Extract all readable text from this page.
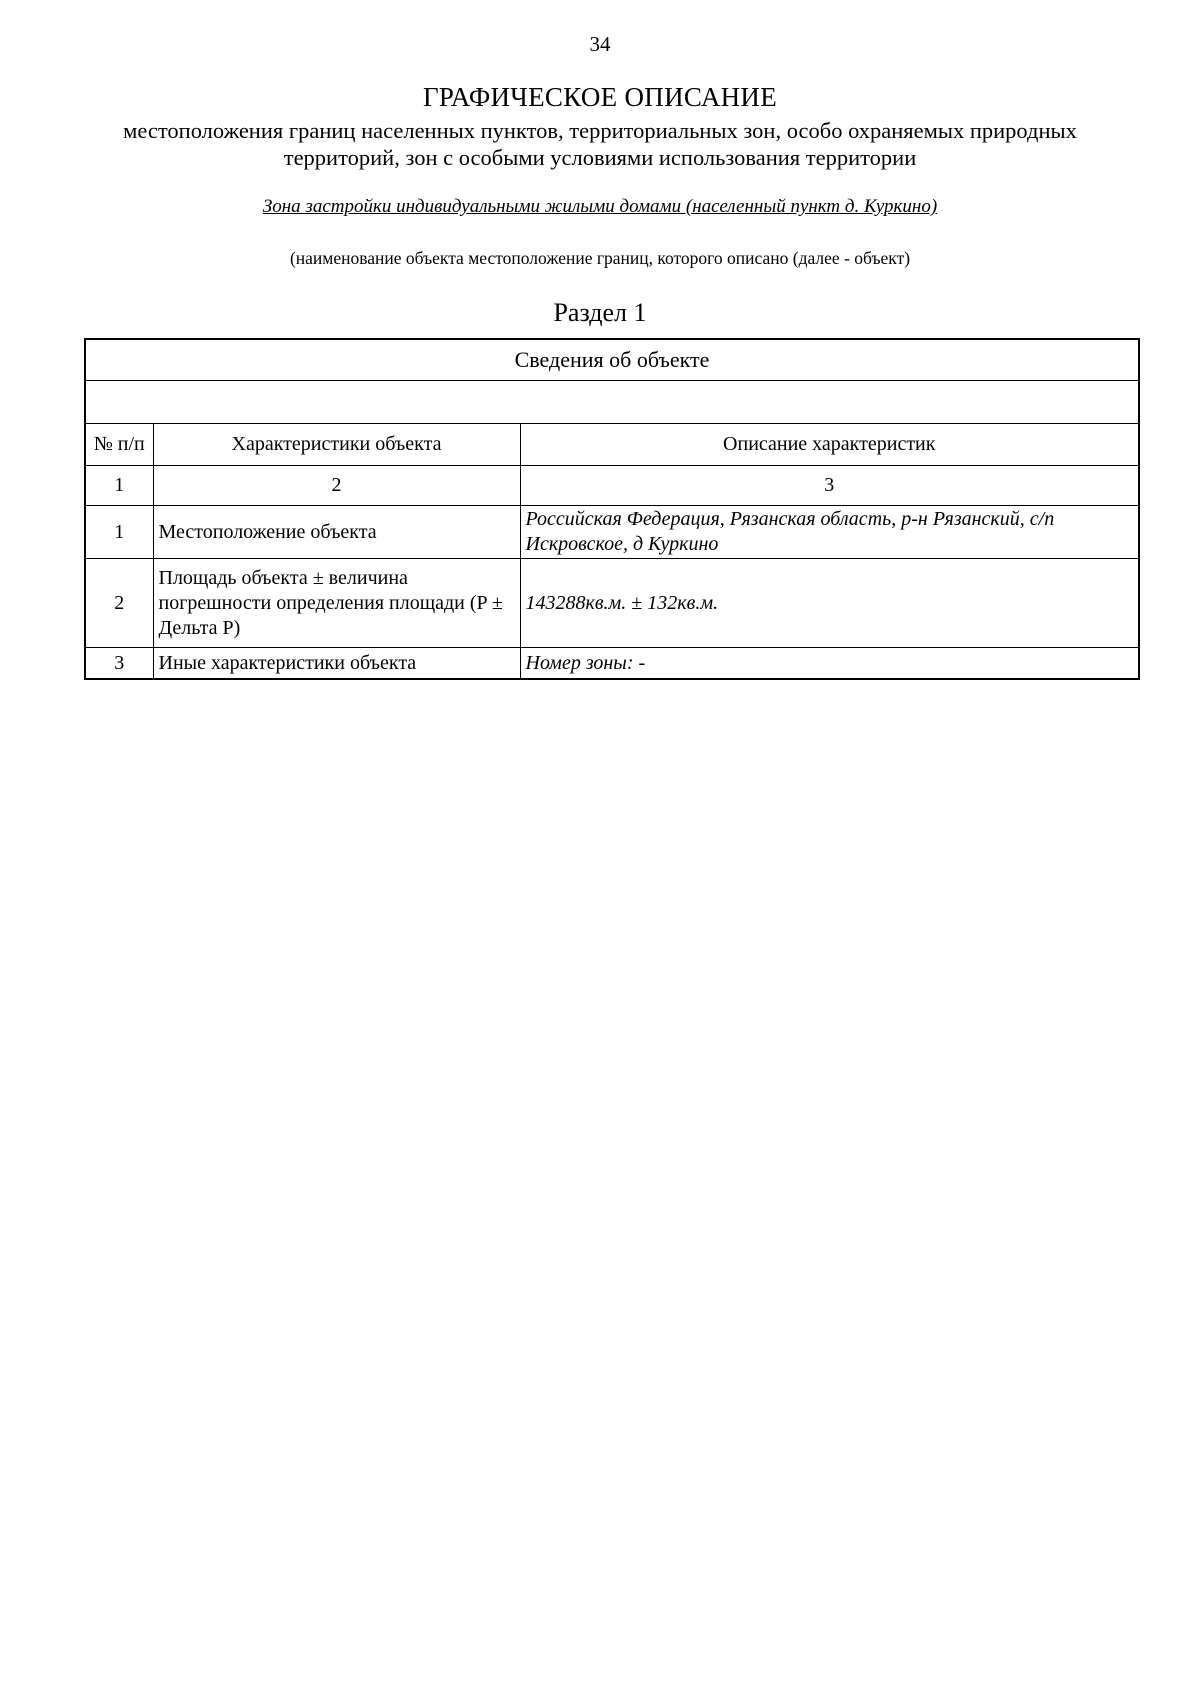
34
ГРАФИЧЕСКОЕ ОПИСАНИЕ
местоположения границ населенных пунктов, территориальных зон, особо охраняемых природных территорий, зон с особыми условиями использования территории
Зона застройки индивидуальными жилыми домами (населенный пункт д. Куркино)
(наименование объекта местоположение границ, которого описано (далее - объект)
Раздел 1
Сведения об объекте		

№ п/п	Характеристики объекта	Описание характеристик
1	2	3
1	Местоположение объекта	Российская Федерация, Рязанская область, р-н Рязанский, с/п Искровское, д Куркино
2	Площадь объекта ± величина погрешности определения площади (P ± Дельта P)	143288кв.м. ± 132кв.м.
3	Иные характеристики объекта	Номер зоны: -
